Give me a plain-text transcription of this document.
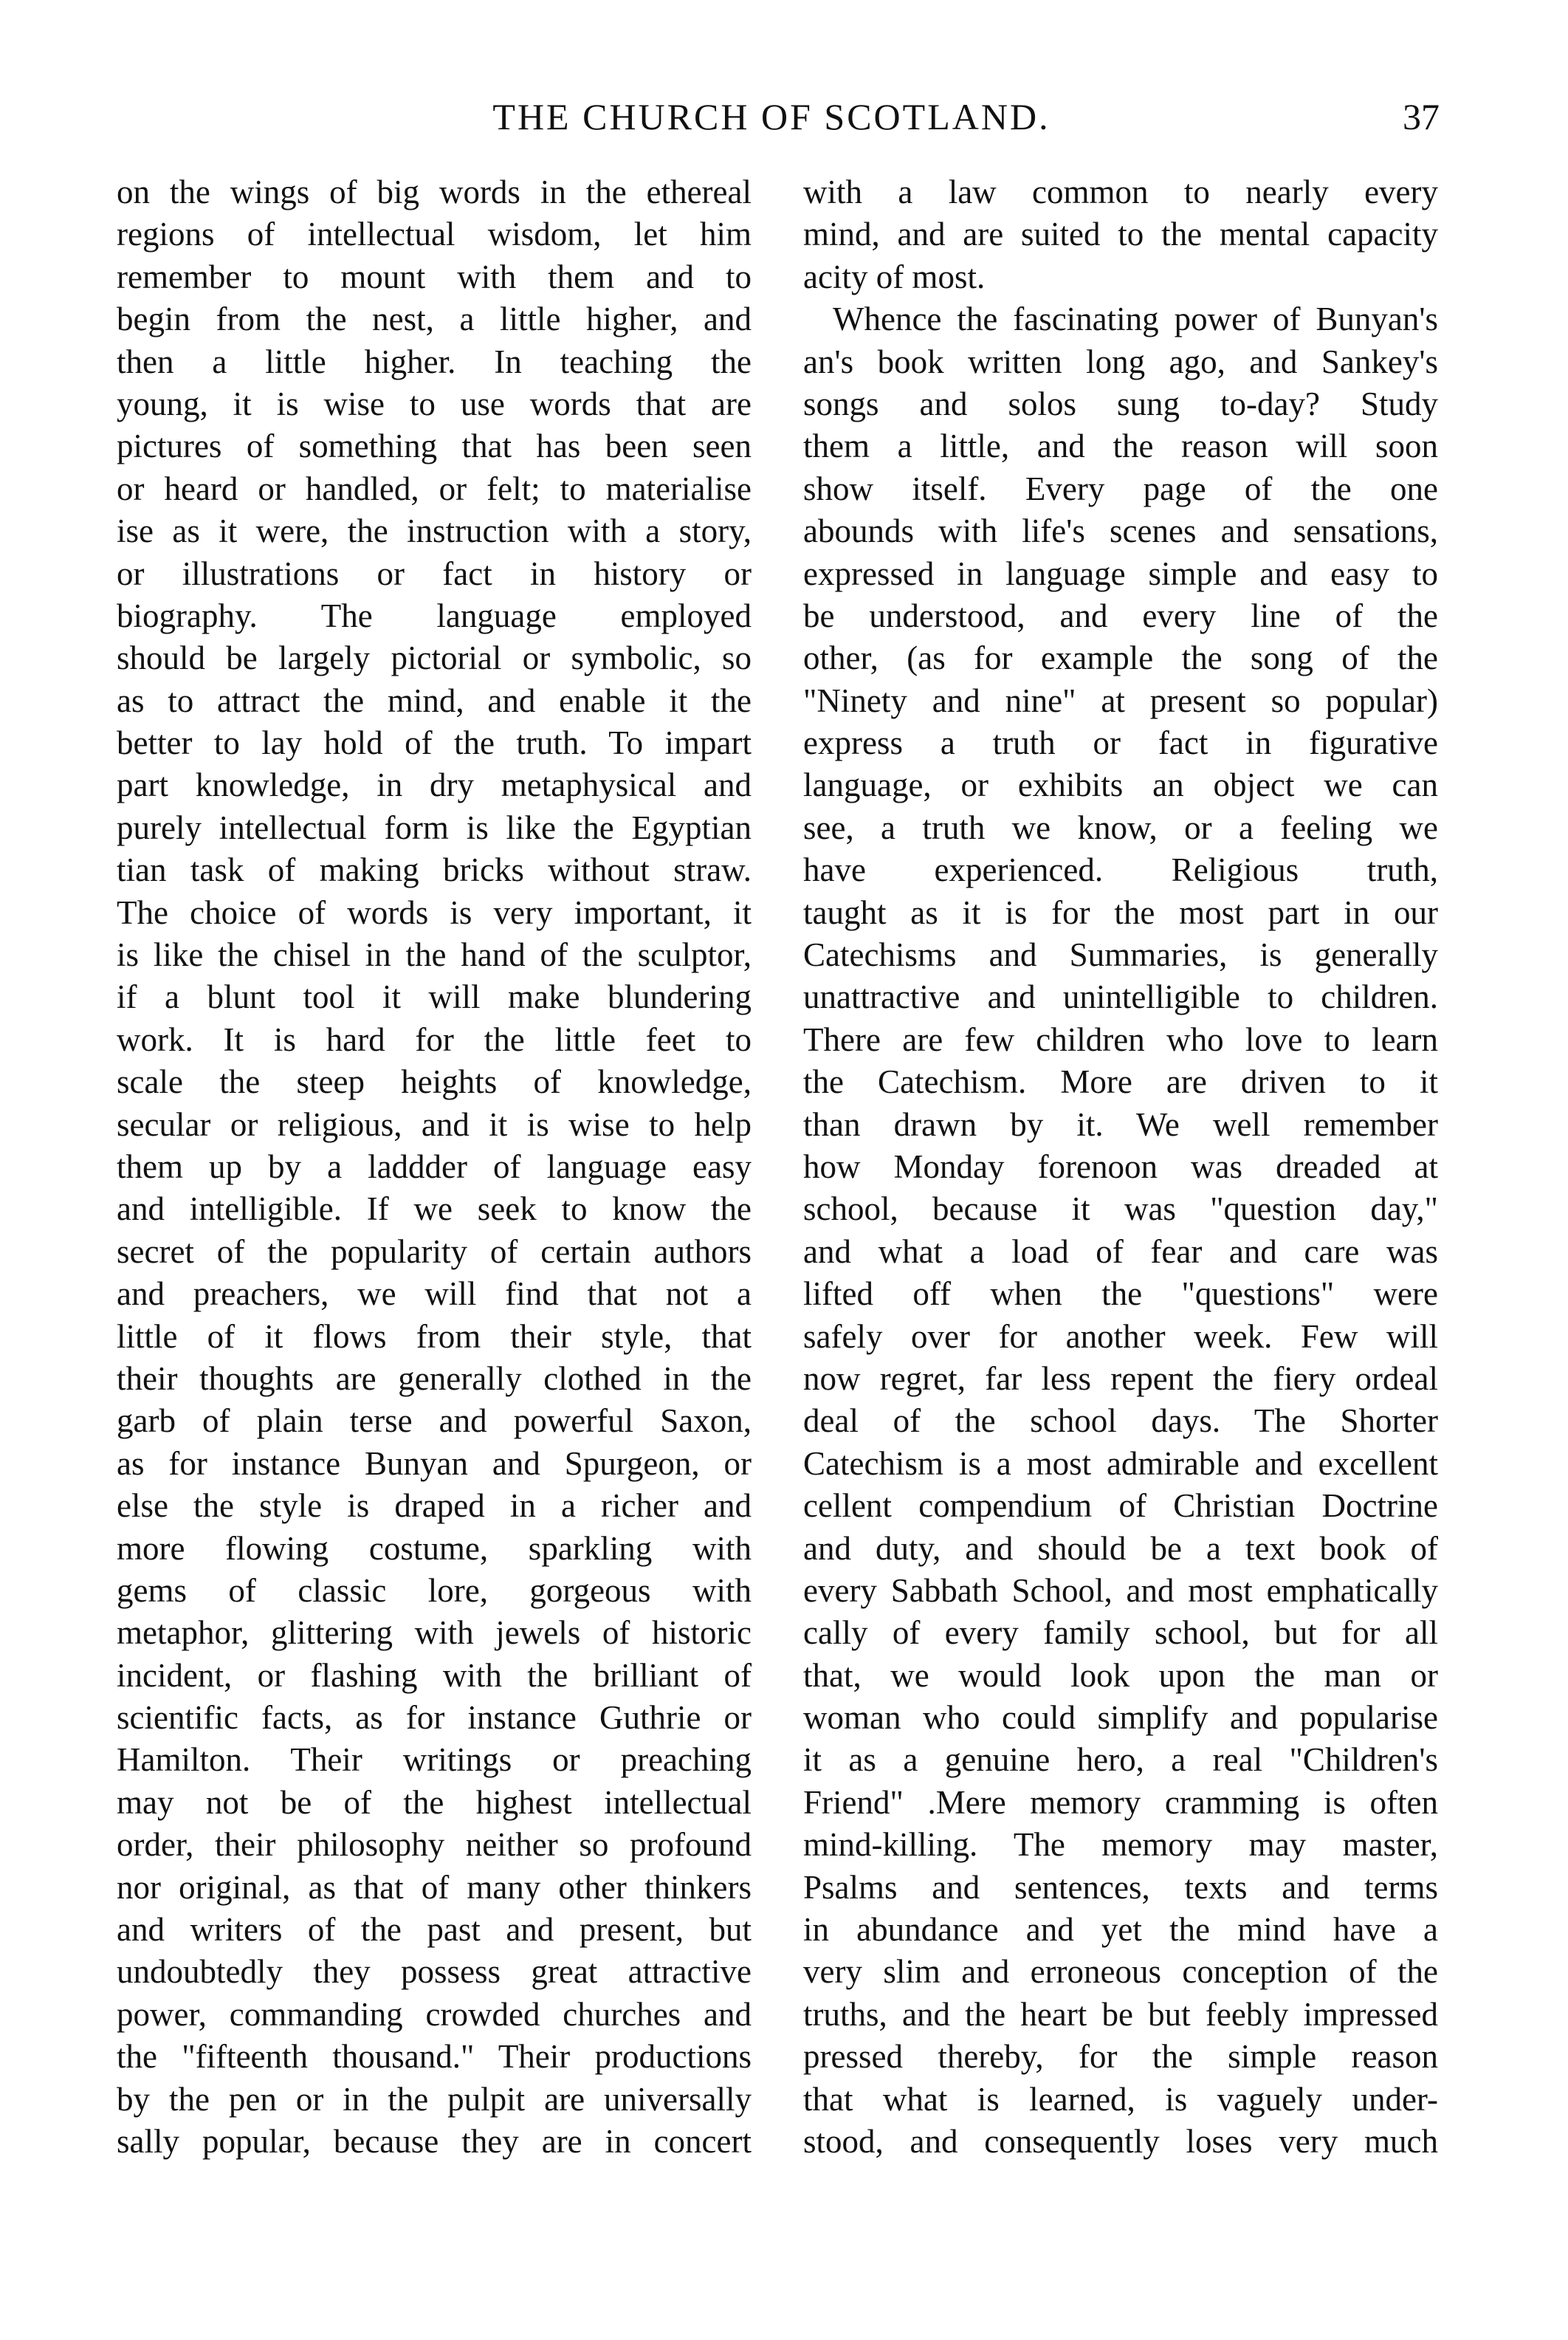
THE CHURCH OF SCOTLAND.	37
on the wings of big words in the ethereal
regions of intellectual wisdom, let him
remember to mount with them and to
begin from the nest, a little higher, and
then a little higher. In teaching the
young, it is wise to use words that are
pictures of something that has been seen
or heard or handled, or felt; to materialise
ise as it were, the instruction with a story,
or illustrations or fact in history or
biography. The language employed
should be largely pictorial or symbolic, so
as to attract the mind, and enable it the
better to lay hold of the truth. To impart
part knowledge, in dry metaphysical and
purely intellectual form is like the Egyptian
tian task of making bricks without straw.
The choice of words is very important, it
is like the chisel in the hand of the sculptor,
if a blunt tool it will make blundering
work. It is hard for the little feet to
scale the steep heights of knowledge,
secular or religious, and it is wise to help
them up by a laddder of language easy
and intelligible. If we seek to know the
secret of the popularity of certain authors
and preachers, we will find that not a
little of it flows from their style, that
their thoughts are generally clothed in the
garb of plain terse and powerful Saxon,
as for instance Bunyan and Spurgeon, or
else the style is draped in a richer and
more flowing costume, sparkling with
gems of classic lore, gorgeous with
metaphor, glittering with jewels of historic
incident, or flashing with the brilliant of
scientific facts, as for instance Guthrie or
Hamilton. Their writings or preaching
may not be of the highest intellectual
order, their philosophy neither so profound
nor original, as that of many other thinkers
and writers of the past and present, but
undoubtedly they possess great attractive
power, commanding crowded churches and
the "fifteenth thousand." Their productions
by the pen or in the pulpit are universally
sally popular, because they are in concert
with a law common to nearly every
mind, and are suited to the mental capacity
acity of most.
Whence the fascinating power of Bunyan's
an's book written long ago, and Sankey's
songs and solos sung to-day? Study
them a little, and the reason will soon
show itself. Every page of the one
abounds with life's scenes and sensations,
expressed in language simple and easy to
be understood, and every line of the
other, (as for example the song of the
"Ninety and nine" at present so popular)
express a truth or fact in figurative
language, or exhibits an object we can
see, a truth we know, or a feeling we
have experienced. Religious truth,
taught as it is for the most part in our
Catechisms and Summaries, is generally
unattractive and unintelligible to children.
There are few children who love to learn
the Catechism. More are driven to it
than drawn by it. We well remember
how Monday forenoon was dreaded at
school, because it was "question day,"
and what a load of fear and care was
lifted off when the "questions" were
safely over for another week. Few will
now regret, far less repent the fiery ordeal
deal of the school days. The Shorter
Catechism is a most admirable and excellent
cellent compendium of Christian Doctrine
and duty, and should be a text book of
every Sabbath School, and most emphatically
cally of every family school, but for all
that, we would look upon the man or
woman who could simplify and popularise
it as a genuine hero, a real "Children's
Friend" .Mere memory cramming is often
mind-killing. The memory may master,
Psalms and sentences, texts and terms
in abundance and yet the mind have a
very slim and erroneous conception of the
truths, and the heart be but feebly impressed
pressed thereby, for the simple reason
that what is learned, is vaguely under-
stood, and consequently loses very much
